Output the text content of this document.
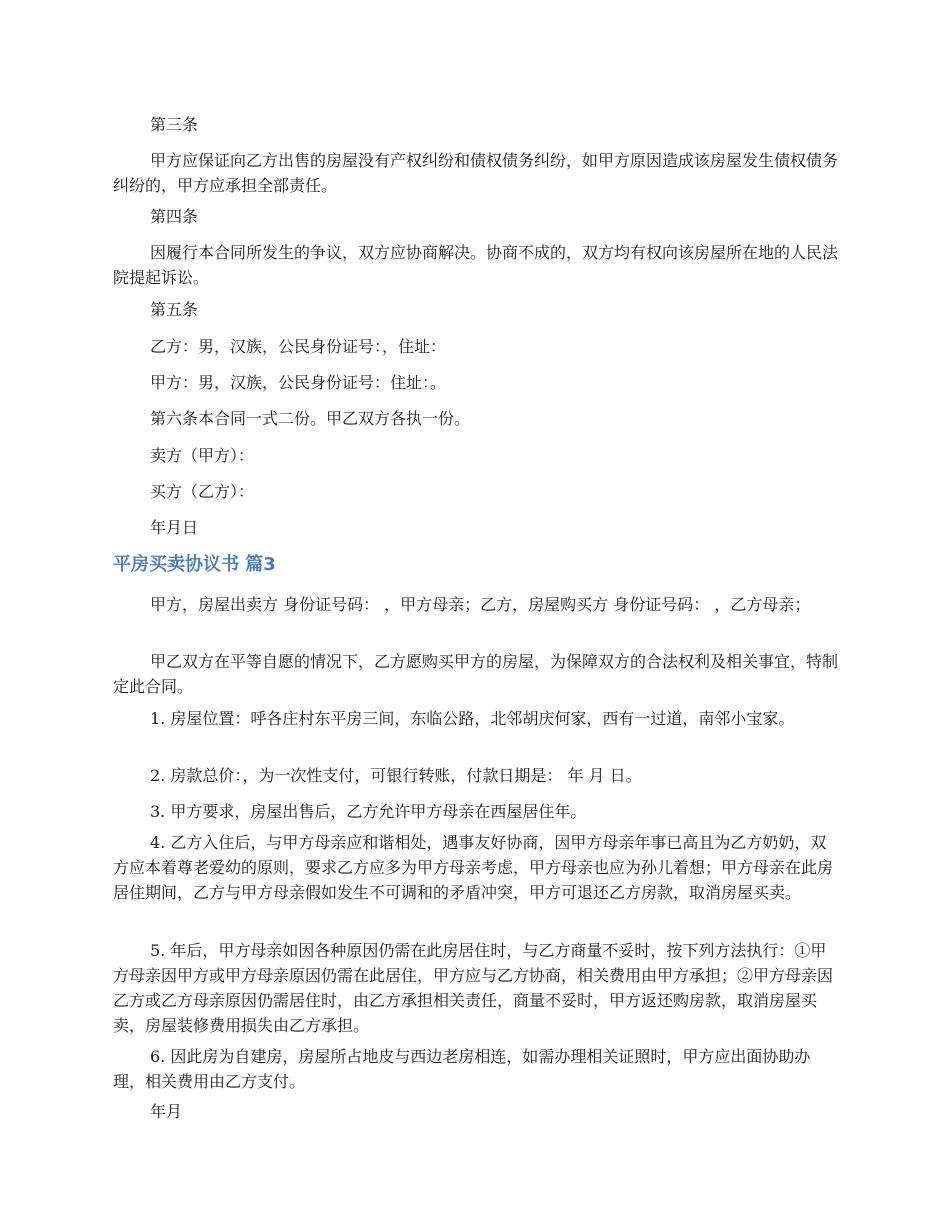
第三条

甲方应保证向乙方出售的房屋没有产权纠纷和债权债务纠纷，如甲方原因造成该房屋发生债权债务纠纷的，甲方应承担全部责任。

第四条

因履行本合同所发生的争议，双方应协商解决。协商不成的，双方均有权向该房屋所在地的人民法院提起诉讼。

第五条

乙方：男，汉族，公民身份证号：，住址：

甲方：男，汉族，公民身份证号：住址：。

第六条本合同一式二份。甲乙双方各执一份。

卖方（甲方）：

买方（乙方）：

年月日

平房买卖协议书 篇3

甲方，房屋出卖方 身份证号码： ，甲方母亲；乙方，房屋购买方 身份证号码： ，乙方母亲；

甲乙双方在平等自愿的情况下，乙方愿购买甲方的房屋，为保障双方的合法权利及相关事宜，特制定此合同。

1. 房屋位置：呼各庄村东平房三间，东临公路，北邻胡庆何家，西有一过道，南邻小宝家。

2. 房款总价：，为一次性支付，可银行转账，付款日期是： 年 月 日。

3. 甲方要求，房屋出售后，乙方允许甲方母亲在西屋居住年。

4. 乙方入住后，与甲方母亲应和谐相处，遇事友好协商，因甲方母亲年事已高且为乙方奶奶，双方应本着尊老爱幼的原则，要求乙方应多为甲方母亲考虑，甲方母亲也应为孙儿着想；甲方母亲在此房居住期间，乙方与甲方母亲假如发生不可调和的矛盾冲突，甲方可退还乙方房款，取消房屋买卖。

5. 年后，甲方母亲如因各种原因仍需在此房居住时，与乙方商量不妥时，按下列方法执行：①甲方母亲因甲方或甲方母亲原因仍需在此居住，甲方应与乙方协商，相关费用由甲方承担；②甲方母亲因乙方或乙方母亲原因仍需居住时，由乙方承担相关责任，商量不妥时，甲方返还购房款，取消房屋买卖，房屋装修费用损失由乙方承担。

6. 因此房为自建房，房屋所占地皮与西边老房相连，如需办理相关证照时，甲方应出面协助办理，相关费用由乙方支付。

年月
